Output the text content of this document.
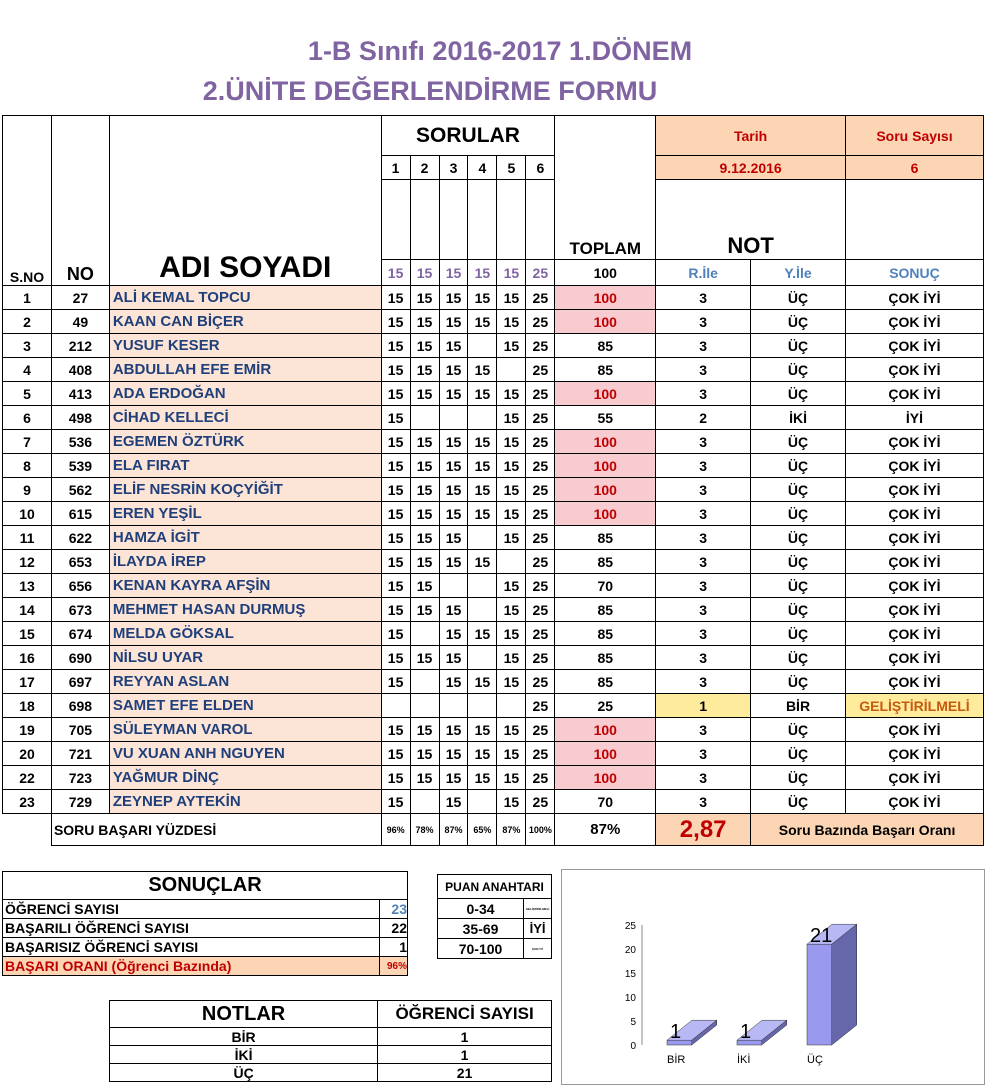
1-B Sınıfı 2016-2017 1.DÖNEM
2.ÜNİTE DEĞERLENDİRME FORMU
S.NO	NO	ADI SOYADI	SORULAR						TOPLAM	Tarih		Soru Sayısı
			1	2	3	4	5	6		9.12.2016		6
										NOT		
			15	15	15	15	15	25	100	R.İle	Y.İle	SONUÇ
1	27	ALİ KEMAL TOPCU	15	15	15	15	15	25	100	3	ÜÇ	ÇOK İYİ
2	49	KAAN CAN BİÇER	15	15	15	15	15	25	100	3	ÜÇ	ÇOK İYİ
3	212	YUSUF KESER	15	15	15		15	25	85	3	ÜÇ	ÇOK İYİ
4	408	ABDULLAH EFE EMİR	15	15	15	15		25	85	3	ÜÇ	ÇOK İYİ
5	413	ADA ERDOĞAN	15	15	15	15	15	25	100	3	ÜÇ	ÇOK İYİ
6	498	CİHAD KELLECİ	15				15	25	55	2	İKİ	İYİ
7	536	EGEMEN ÖZTÜRK	15	15	15	15	15	25	100	3	ÜÇ	ÇOK İYİ
8	539	ELA FIRAT	15	15	15	15	15	25	100	3	ÜÇ	ÇOK İYİ
9	562	ELİF NESRİN KOÇYİĞİT	15	15	15	15	15	25	100	3	ÜÇ	ÇOK İYİ
10	615	EREN YEŞİL	15	15	15	15	15	25	100	3	ÜÇ	ÇOK İYİ
11	622	HAMZA İGİT	15	15	15		15	25	85	3	ÜÇ	ÇOK İYİ
12	653	İLAYDA İREP	15	15	15	15		25	85	3	ÜÇ	ÇOK İYİ
13	656	KENAN KAYRA AFŞİN	15	15			15	25	70	3	ÜÇ	ÇOK İYİ
14	673	MEHMET HASAN DURMUŞ	15	15	15		15	25	85	3	ÜÇ	ÇOK İYİ
15	674	MELDA GÖKSAL	15		15	15	15	25	85	3	ÜÇ	ÇOK İYİ
16	690	NİLSU UYAR	15	15	15		15	25	85	3	ÜÇ	ÇOK İYİ
17	697	REYYAN ASLAN	15		15	15	15	25	85	3	ÜÇ	ÇOK İYİ
18	698	SAMET EFE ELDEN						25	25	1	BİR	GELİŞTİRİLMELİ
19	705	SÜLEYMAN VAROL	15	15	15	15	15	25	100	3	ÜÇ	ÇOK İYİ
20	721	VU XUAN ANH NGUYEN	15	15	15	15	15	25	100	3	ÜÇ	ÇOK İYİ
22	723	YAĞMUR DİNÇ	15	15	15	15	15	25	100	3	ÜÇ	ÇOK İYİ
23	729	ZEYNEP AYTEKİN	15		15		15	25	70	3	ÜÇ	ÇOK İYİ
	SORU BAŞARI YÜZDESİ		96%	78%	87%	65%	87%	100%	87%	2,87	Soru Bazında Başarı Oranı	
SONUÇLAR	
ÖĞRENCİ SAYISI	23
BAŞARILI ÖĞRENCİ SAYISI	22
BAŞARISIZ ÖĞRENCİ SAYISI	1
BAŞARI ORANI (Öğrenci Bazında)	96%
PUAN ANAHTARI	
0-34	GELİŞTİRİLMELİ
35-69	İYİ
70-100	ÇOK İYİ
NOTLAR	ÖĞRENCİ SAYISI
BİR	1
İKİ	1
ÜÇ	21
0
5
10
15
20
25
1
BİR
1
İKİ
21
ÜÇ
